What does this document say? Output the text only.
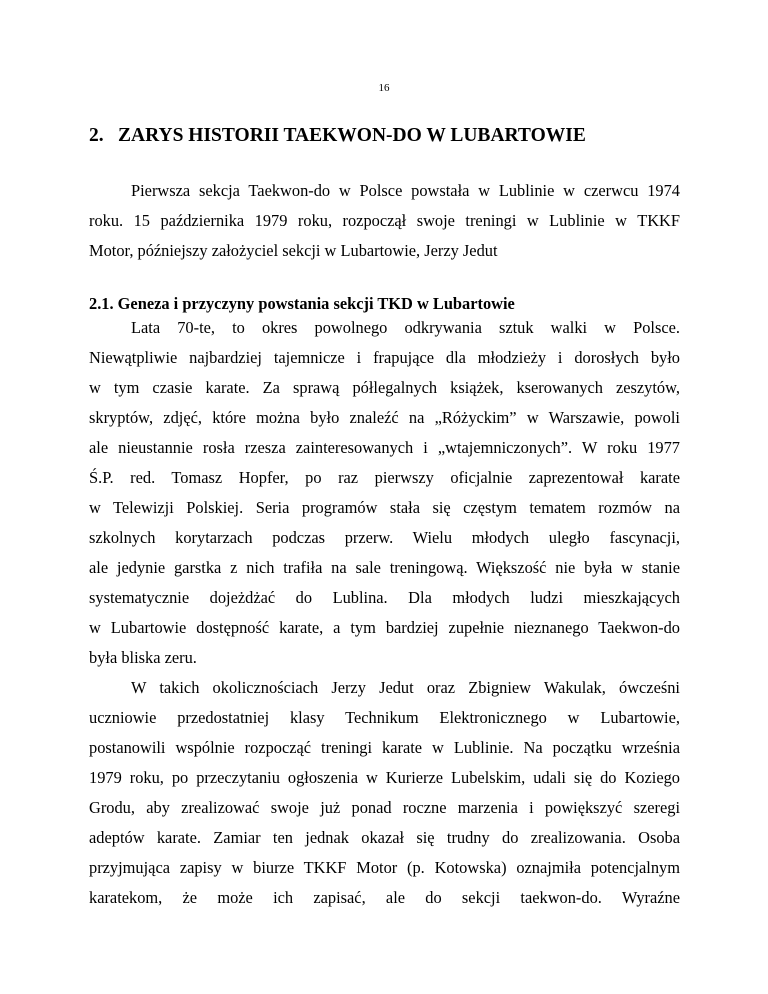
16
2. ZARYS HISTORII TAEKWON-DO W LUBARTOWIE

Pierwsza sekcja Taekwon-do w Polsce powstała w Lublinie w czerwcu 1974
roku. 15 października 1979 roku, rozpoczął swoje treningi w Lublinie w TKKF
Motor, późniejszy założyciel sekcji w Lubartowie, Jerzy Jedut

2.1. Geneza i przyczyny powstania sekcji TKD w Lubartowie

Lata 70-te, to okres powolnego odkrywania sztuk walki w Polsce.
Niewątpliwie najbardziej tajemnicze i frapujące dla młodzieży i dorosłych było
w tym czasie karate. Za sprawą półlegalnych książek, kserowanych zeszytów,
skryptów, zdjęć, które można było znaleźć na „Różyckim” w Warszawie, powoli
ale nieustannie rosła rzesza zainteresowanych i „wtajemniczonych”. W roku 1977
Ś.P. red. Tomasz Hopfer, po raz pierwszy oficjalnie zaprezentował karate
w Telewizji Polskiej. Seria programów stała się częstym tematem rozmów na
szkolnych korytarzach podczas przerw. Wielu młodych uległo fascynacji,
ale jedynie garstka z nich trafiła na sale treningową. Większość nie była w stanie
systematycznie dojeżdżać do Lublina. Dla młodych ludzi mieszkających
w Lubartowie dostępność karate, a tym bardziej zupełnie nieznanego Taekwon-do
była bliska zeru.

W takich okolicznościach Jerzy Jedut oraz Zbigniew Wakulak, ówcześni
uczniowie przedostatniej klasy Technikum Elektronicznego w Lubartowie,
postanowili wspólnie rozpocząć treningi karate w Lublinie. Na początku września
1979 roku, po przeczytaniu ogłoszenia w Kurierze Lubelskim, udali się do Koziego
Grodu, aby zrealizować swoje już ponad roczne marzenia i powiększyć szeregi
adeptów karate. Zamiar ten jednak okazał się trudny do zrealizowania. Osoba
przyjmująca zapisy w biurze TKKF Motor (p. Kotowska) oznajmiła potencjalnym
karatekom, że może ich zapisać, ale do sekcji taekwon-do. Wyraźne
